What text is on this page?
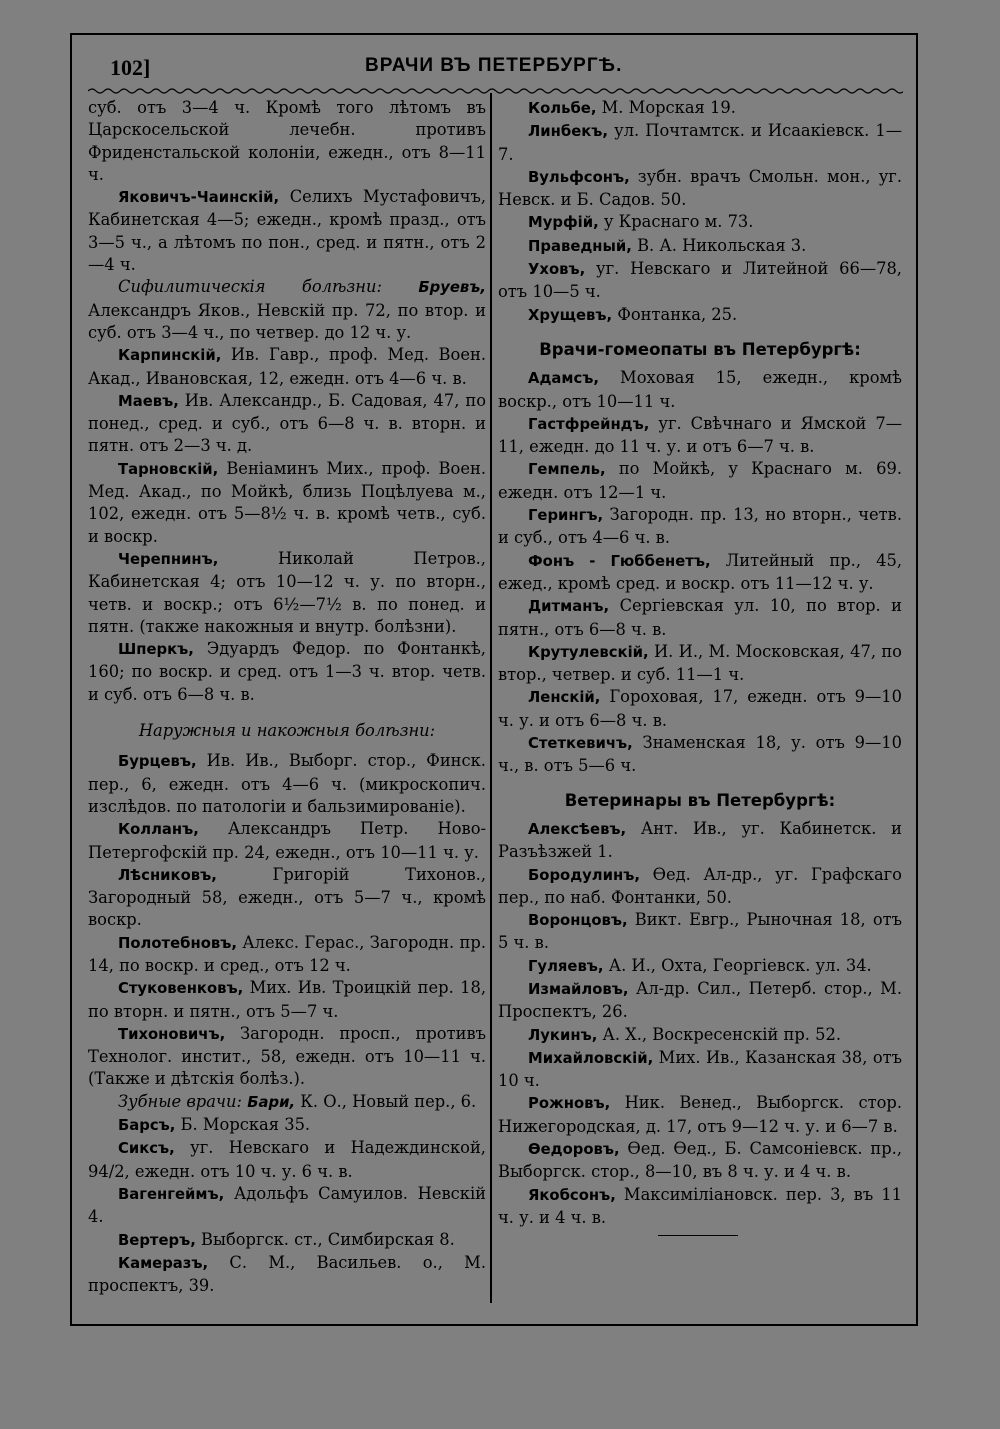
102]	ВРАЧИ ВЪ ПЕТЕРБУРГѢ.

суб. отъ 3—4 ч. Кромѣ того лѣтомъ въ Царскосельской лечебн. противъ Фриденстальской колоніи, ежедн., отъ 8—11 ч.

Яковичъ-Чаинскій, Селихъ Мустафовичъ, Кабинетская 4—5; ежедн., кромѣ празд., отъ 3—5 ч., а лѣтомъ по пон., сред. и пятн., отъ 2—4 ч.

Сифилитическія болѣзни: Бруевъ, Александръ Яков., Невскій пр. 72, по втор. и суб. отъ 3—4 ч., по четвер. до 12 ч. у.

Карпинскій, Ив. Гавр., проф. Мед. Воен. Акад., Ивановская, 12, ежедн. отъ 4—6 ч. в.

Маевъ, Ив. Александр., Б. Садовая, 47, по понед., сред. и суб., отъ 6—8 ч. в. вторн. и пятн. отъ 2—3 ч. д.

Тарновскій, Веніаминъ Мих., проф. Воен. Мед. Акад., по Мойкѣ, близь Поцѣлуева м., 102, ежедн. отъ 5—8½ ч. в. кромѣ четв., суб. и воскр.

Черепнинъ, Николай Петров., Кабинетская 4; отъ 10—12 ч. у. по вторн., четв. и воскр.; отъ 6½—7½ в. по понед. и пятн. (также накожныя и внутр. болѣзни).

Шперкъ, Эдуардъ Федор. по Фонтанкѣ, 160; по воскр. и сред. отъ 1—3 ч. втор. четв. и суб. отъ 6—8 ч. в.

Наружныя и накожныя болѣзни:

Бурцевъ, Ив. Ив., Выборг. стор., Финск. пер., 6, ежедн. отъ 4—6 ч. (микроскопич. изслѣдов. по патологіи и бальзимированіе).

Колланъ, Александръ Петр. Ново-Петергофскій пр. 24, ежедн., отъ 10—11 ч. у.

Лѣсниковъ, Григорій Тихонов., Загородный 58, ежедн., отъ 5—7 ч., кромѣ воскр.

Полотебновъ, Алекс. Герас., Загородн. пр. 14, по воскр. и сред., отъ 12 ч.

Стуковенковъ, Мих. Ив. Троицкій пер. 18, по вторн. и пятн., отъ 5—7 ч.

Тихоновичъ, Загородн. просп., противъ Технолог. инстит., 58, ежедн. отъ 10—11 ч. (Также и дѣтскія болѣз.).

Зубные врачи: Бари, К. О., Новый пер., 6.

Барсъ, Б. Морская 35.

Сиксъ, уг. Невскаго и Надеждинской, 94/2, ежедн. отъ 10 ч. у. 6 ч. в.

Вагенгеймъ, Адольфъ Самуилов. Невскій 4.

Вертеръ, Выборгск. ст., Симбирская 8.

Камеразъ, С. М., Васильев. о., М. проспектъ, 39.

Кольбе, М. Морская 19.

Линбекъ, ул. Почтамтск. и Исаакіевск. 1—7.

Вульфсонъ, зубн. врачъ Смольн. мон., уг. Невск. и Б. Садов. 50.

Мурфій, у Краснаго м. 73.

Праведный, В. А. Никольская 3.

Уховъ, уг. Невскаго и Литейной 66—78, отъ 10—5 ч.

Хрущевъ, Фонтанка, 25.

Врачи-гомеопаты въ Петербургѣ:

Адамсъ, Моховая 15, ежедн., кромѣ воскр., отъ 10—11 ч.

Гастфрейндъ, уг. Свѣчнаго и Ямской 7—11, ежедн. до 11 ч. у. и отъ 6—7 ч. в.

Гемпель, по Мойкѣ, у Краснаго м. 69. ежедн. отъ 12—1 ч.

Герингъ, Загородн. пр. 13, но вторн., четв. и суб., отъ 4—6 ч. в.

Фонъ - Гюббенетъ, Литейный пр., 45, ежед., кромѣ сред. и воскр. отъ 11—12 ч. у.

Дитманъ, Сергіевская ул. 10, по втор. и пятн., отъ 6—8 ч. в.

Крутулевскій, И. И., М. Московская, 47, по втор., четвер. и суб. 11—1 ч.

Ленскій, Гороховая, 17, ежедн. отъ 9—10 ч. у. и отъ 6—8 ч. в.

Стеткевичъ, Знаменская 18, у. отъ 9—10 ч., в. отъ 5—6 ч.

Ветеринары въ Петербургѣ:

Алексѣевъ, Ант. Ив., уг. Кабинетск. и Разъѣзжей 1.

Бородулинъ, Ѳед. Ал-др., уг. Графскаго пер., по наб. Фонтанки, 50.

Воронцовъ, Викт. Евгр., Рыночная 18, отъ 5 ч. в.

Гуляевъ, А. И., Охта, Георгіевск. ул. 34.

Измайловъ, Ал-др. Сил., Петерб. стор., М. Проспектъ, 26.

Лукинъ, А. Х., Воскресенскій пр. 52.

Михайловскій, Мих. Ив., Казанская 38, отъ 10 ч.

Рожновъ, Ник. Венед., Выборгск. стор. Нижегородская, д. 17, отъ 9—12 ч. у. и 6—7 в.

Ѳедоровъ, Ѳед. Ѳед., Б. Самсоніевск. пр., Выборгск. стор., 8—10, въ 8 ч. у. и 4 ч. в.

Якобсонъ, Максиміліановск. пер. 3, въ 11 ч. у. и 4 ч. в.
